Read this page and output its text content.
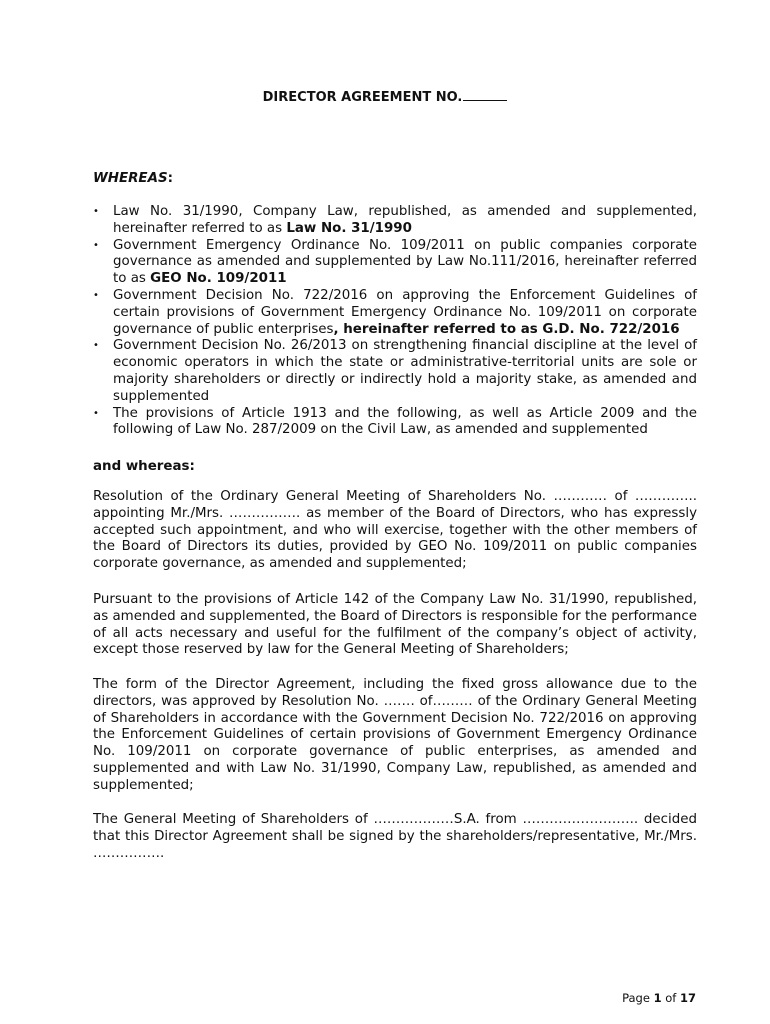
DIRECTOR AGREEMENT NO.
WHEREAS:
• Law No. 31/1990, Company Law, republished, as amended and supplemented, hereinafter referred to as Law No. 31/1990
• Government Emergency Ordinance No. 109/2011 on public companies corporate governance as amended and supplemented by Law No.111/2016, hereinafter referred to as GEO No. 109/2011
• Government Decision No. 722/2016 on approving the Enforcement Guidelines of certain provisions of Government Emergency Ordinance No. 109/2011 on corporate governance of public enterprises, hereinafter referred to as G.D. No. 722/2016
• Government Decision No. 26/2013 on strengthening financial discipline at the level of economic operators in which the state or administrative-territorial units are sole or majority shareholders or directly or indirectly hold a majority stake, as amended and supplemented
• The provisions of Article 1913 and the following, as well as Article 2009 and the following of Law No. 287/2009 on the Civil Law, as amended and supplemented
and whereas:

Resolution of the Ordinary General Meeting of Shareholders No. ………… of ………….. appointing Mr./Mrs. ……………. as member of the Board of Directors, who has expressly accepted such appointment, and who will exercise, together with the other members of the Board of Directors its duties, provided by GEO No. 109/2011 on public companies corporate governance, as amended and supplemented;

Pursuant to the provisions of Article 142 of the Company Law No. 31/1990, republished, as amended and supplemented, the Board of Directors is responsible for the performance of all acts necessary and useful for the fulfilment of the company’s object of activity, except those reserved by law for the General Meeting of Shareholders;

The form of the Director Agreement, including the fixed gross allowance due to the directors, was approved by Resolution No. ……. of……… of the Ordinary General Meeting of Shareholders in accordance with the Government Decision No. 722/2016 on approving the Enforcement Guidelines of certain provisions of Government Emergency Ordinance No. 109/2011 on corporate governance of public enterprises, as amended and supplemented and with Law No. 31/1990, Company Law, republished, as amended and supplemented;

The General Meeting of Shareholders of ………………S.A. from …………………….. decided that this Director Agreement shall be signed by the shareholders/representative, Mr./Mrs. …………….

Page 1 of 17
